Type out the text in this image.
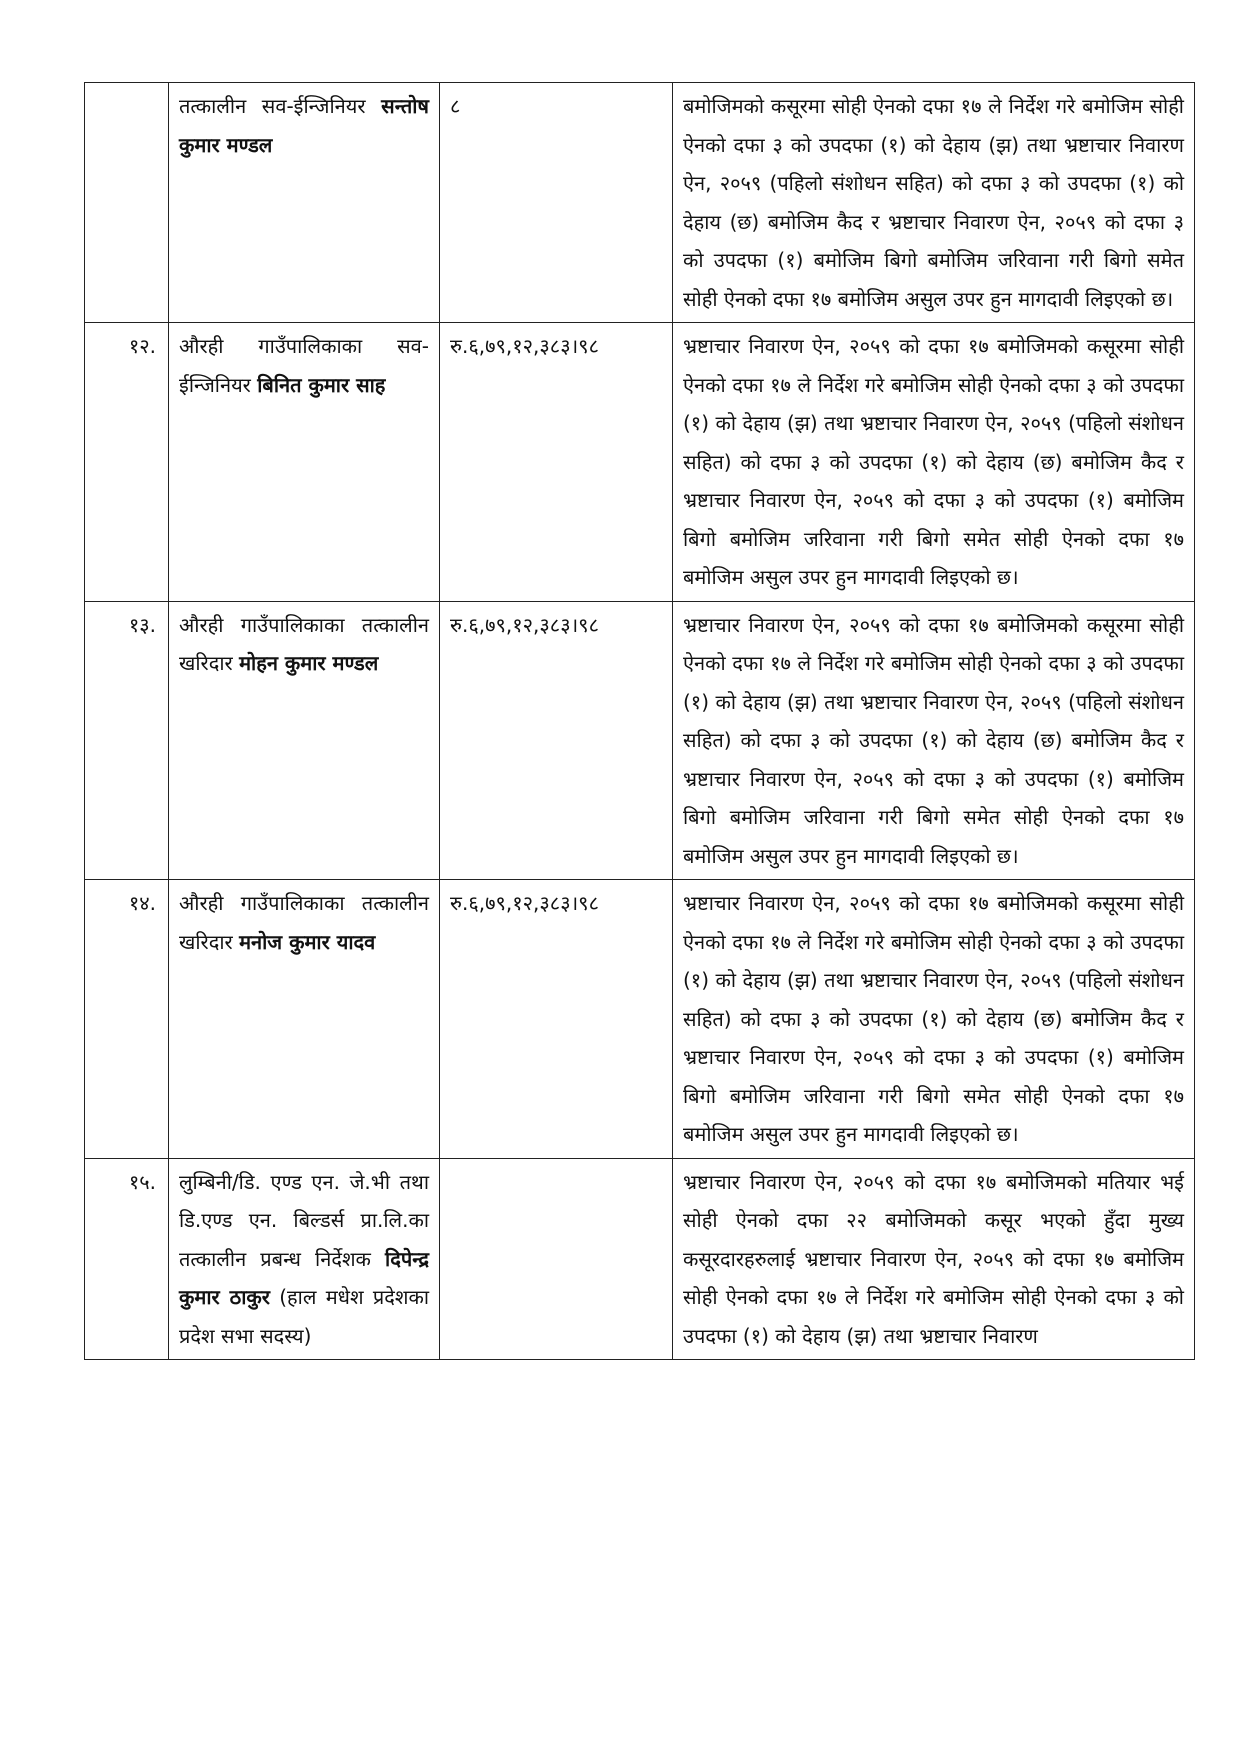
	तत्कालीन सव-ईन्जिनियर सन्तोष कुमार मण्डल	८	बमोजिमको कसूरमा सोही ऐनको दफा १७ ले निर्देश गरे बमोजिम सोही ऐनको दफा ३ को उपदफा (१) को देहाय (झ) तथा भ्रष्टाचार निवारण ऐन, २०५९ (पहिलो संशोधन सहित) को दफा ३ को उपदफा (१) को देहाय (छ) बमोजिम कैद र भ्रष्टाचार निवारण ऐन, २०५९ को दफा ३ को उपदफा (१) बमोजिम बिगो बमोजिम जरिवाना गरी बिगो समेत सोही ऐनको दफा १७ बमोजिम असुल उपर हुन मागदावी लिइएको छ।
१२.	औरही गाउँपालिकाका सव-ईन्जिनियर बिनित कुमार साह	रु.६,७९,१२,३८३।९८	भ्रष्टाचार निवारण ऐन, २०५९ को दफा १७ बमोजिमको कसूरमा सोही ऐनको दफा १७ ले निर्देश गरे बमोजिम सोही ऐनको दफा ३ को उपदफा (१) को देहाय (झ) तथा भ्रष्टाचार निवारण ऐन, २०५९ (पहिलो संशोधन सहित) को दफा ३ को उपदफा (१) को देहाय (छ) बमोजिम कैद र भ्रष्टाचार निवारण ऐन, २०५९ को दफा ३ को उपदफा (१) बमोजिम बिगो बमोजिम जरिवाना गरी बिगो समेत सोही ऐनको दफा १७ बमोजिम असुल उपर हुन मागदावी लिइएको छ।
१३.	औरही गाउँपालिकाका तत्कालीन खरिदार मोहन कुमार मण्डल	रु.६,७९,१२,३८३।९८	भ्रष्टाचार निवारण ऐन, २०५९ को दफा १७ बमोजिमको कसूरमा सोही ऐनको दफा १७ ले निर्देश गरे बमोजिम सोही ऐनको दफा ३ को उपदफा (१) को देहाय (झ) तथा भ्रष्टाचार निवारण ऐन, २०५९ (पहिलो संशोधन सहित) को दफा ३ को उपदफा (१) को देहाय (छ) बमोजिम कैद र भ्रष्टाचार निवारण ऐन, २०५९ को दफा ३ को उपदफा (१) बमोजिम बिगो बमोजिम जरिवाना गरी बिगो समेत सोही ऐनको दफा १७ बमोजिम असुल उपर हुन मागदावी लिइएको छ।
१४.	औरही गाउँपालिकाका तत्कालीन खरिदार मनोज कुमार यादव	रु.६,७९,१२,३८३।९८	भ्रष्टाचार निवारण ऐन, २०५९ को दफा १७ बमोजिमको कसूरमा सोही ऐनको दफा १७ ले निर्देश गरे बमोजिम सोही ऐनको दफा ३ को उपदफा (१) को देहाय (झ) तथा भ्रष्टाचार निवारण ऐन, २०५९ (पहिलो संशोधन सहित) को दफा ३ को उपदफा (१) को देहाय (छ) बमोजिम कैद र भ्रष्टाचार निवारण ऐन, २०५९ को दफा ३ को उपदफा (१) बमोजिम बिगो बमोजिम जरिवाना गरी बिगो समेत सोही ऐनको दफा १७ बमोजिम असुल उपर हुन मागदावी लिइएको छ।
१५.	लुम्बिनी/डि. एण्ड एन. जे.भी तथा डि.एण्ड एन. बिल्डर्स प्रा.लि.का तत्कालीन प्रबन्ध निर्देशक दिपेन्द्र कुमार ठाकुर (हाल मधेश प्रदेशका प्रदेश सभा सदस्य)		भ्रष्टाचार निवारण ऐन, २०५९ को दफा १७ बमोजिमको मतियार भई सोही ऐनको दफा २२ बमोजिमको कसूर भएको हुँदा मुख्य कसूरदारहरुलाई भ्रष्टाचार निवारण ऐन, २०५९ को दफा १७ बमोजिम सोही ऐनको दफा १७ ले निर्देश गरे बमोजिम सोही ऐनको दफा ३ को उपदफा (१) को देहाय (झ) तथा भ्रष्टाचार निवारण
